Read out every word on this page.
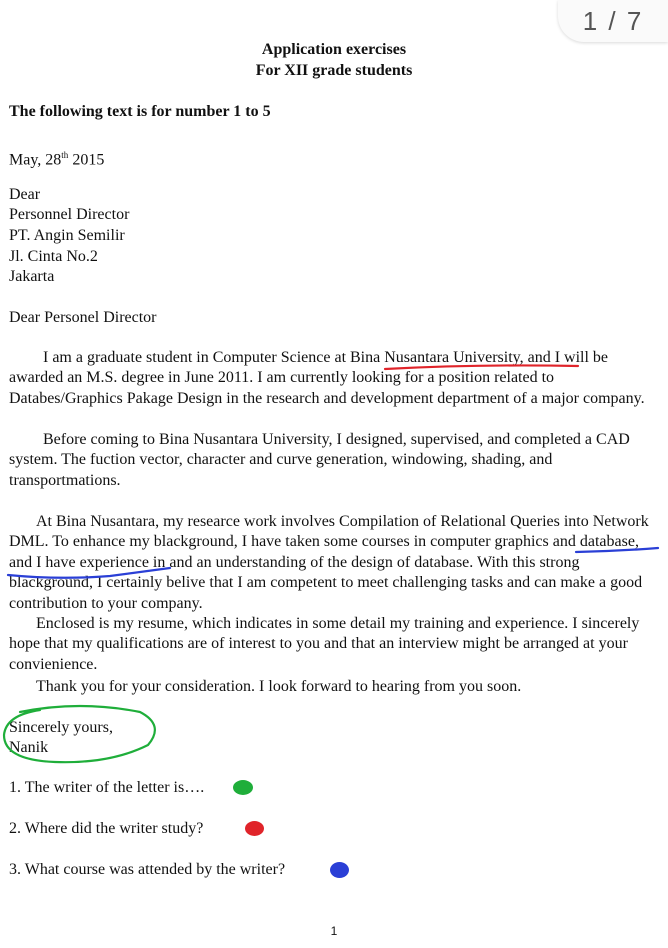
1 / 7
Application exercises
For XII grade students
The following text is for number 1 to 5
May, 28th 2015
Dear
Personnel Director
PT. Angin Semilir
Jl. Cinta No.2
Jakarta
Dear Personel Director
I am a graduate student in Computer Science at Bina Nusantara University, and I will be awarded an M.S. degree in June 2011. I am currently looking for a position related to Databes/Graphics Pakage Design in the research and development department of a major company.
Before coming to Bina Nusantara University, I designed, supervised, and completed a CAD system. The fuction vector, character and curve generation, windowing, shading, and transportmations.
At Bina Nusantara, my researce work involves Compilation of Relational Queries into Network DML. To enhance my blackground, I have taken some courses in computer graphics and database, and I have experience in and an understanding of the design of database. With this strong blackground, I certainly belive that I am competent to meet challenging tasks and can make a good contribution to your company.
Enclosed is my resume, which indicates in some detail my training and experience. I sincerely hope that my qualifications are of interest to you and that an interview might be arranged at your convienience.
Thank you for your consideration. I look forward to hearing from you soon.
Sincerely yours,
Nanik
1. The writer of the letter is….
2. Where did the writer study?
3. What course was attended by the writer?
1
